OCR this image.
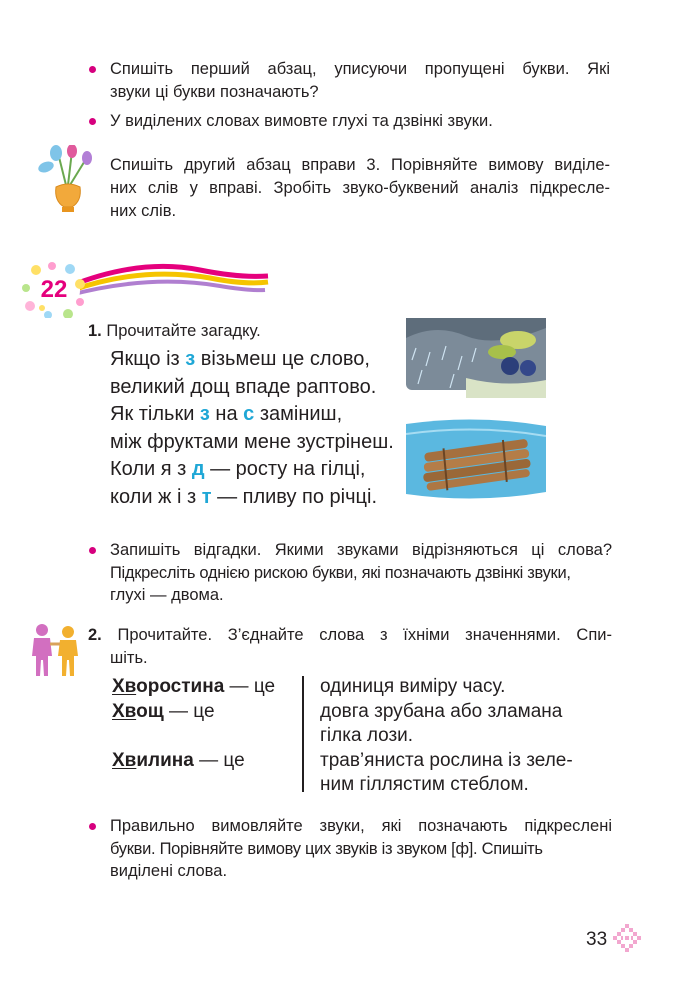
Спишіть перший абзац, уписуючи пропущені букви. Які
звуки ці букви позначають?
У виділених словах вимовте глухі та дзвінкі звуки.
Спишіть другий абзац вправи 3. Порівняйте вимову виділе-
них слів у вправі. Зробіть звуко-буквений аналіз підкресле-
них слів.
22
1. Прочитайте загадку.
Якщо із з візьмеш це слово,
великий дощ впаде раптово.
Як тільки з на с заміниш,
між фруктами мене зустрінеш.
Коли я з д — росту на гілці,
коли ж і з т — пливу по річці.
Запишіть відгадки. Якими звуками відрізняються ці слова?
Підкресліть однією рискою букви, які позначають дзвінкі звуки,
глухі — двома.
2. Прочитайте. З’єднайте слова з їхніми значеннями. Спи-
шіть.
Хворостина — це
Хвощ — це
Хвилина — це
одиниця виміру часу.
довга зрубана або зламана
гілка лози.
трав’яниста рослина із зеле-
ним гіллястим стеблом.
Правильно вимовляйте звуки, які позначають підкреслені
букви. Порівняйте вимову цих звуків із звуком [ф]. Спишіть
виділені слова.
33
